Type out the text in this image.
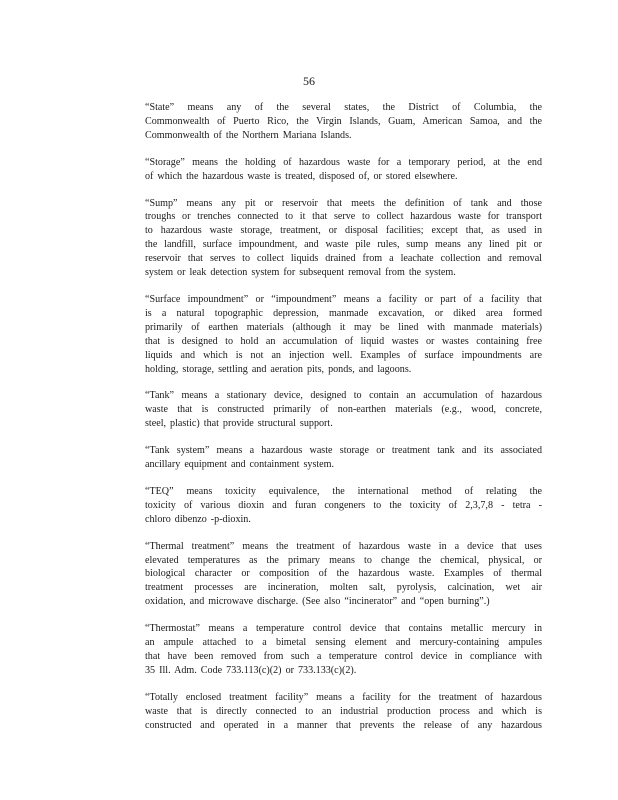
56

“State” means any of the several states, the District of Columbia, the
Commonwealth of Puerto Rico, the Virgin Islands, Guam, American Samoa, and the
Commonwealth of the Northern Mariana Islands.

“Storage” means the holding of hazardous waste for a temporary period, at the end
of which the hazardous waste is treated, disposed of, or stored elsewhere.

“Sump” means any pit or reservoir that meets the definition of tank and those
troughs or trenches connected to it that serve to collect hazardous waste for transport
to hazardous waste storage, treatment, or disposal facilities; except that, as used in
the landfill, surface impoundment, and waste pile rules, sump means any lined pit or
reservoir that serves to collect liquids drained from a leachate collection and removal
system or leak detection system for subsequent removal from the system.

“Surface impoundment” or “impoundment” means a facility or part of a facility that
is a natural topographic depression, manmade excavation, or diked area formed
primarily of earthen materials (although it may be lined with manmade materials)
that is designed to hold an accumulation of liquid wastes or wastes containing free
liquids and which is not an injection well. Examples of surface impoundments are
holding, storage, settling and aeration pits, ponds, and lagoons.

“Tank” means a stationary device, designed to contain an accumulation of hazardous
waste that is constructed primarily of non-earthen materials (e.g., wood, concrete,
steel, plastic) that provide structural support.

“Tank system” means a hazardous waste storage or treatment tank and its associated
ancillary equipment and containment system.

“TEQ” means toxicity equivalence, the international method of relating the
toxicity of various dioxin and furan congeners to the toxicity of 2,3,7,8 - tetra -
chloro dibenzo -p-dioxin.

“Thermal treatment” means the treatment of hazardous waste in a device that uses
elevated temperatures as the primary means to change the chemical, physical, or
biological character or composition of the hazardous waste. Examples of thermal
treatment processes are incineration, molten salt, pyrolysis, calcination, wet air
oxidation, and microwave discharge. (See also “incinerator” and “open burning”.)

“Thermostat” means a temperature control device that contains metallic mercury in
an ampule attached to a bimetal sensing element and mercury-containing ampules
that have been removed from such a temperature control device in compliance with
35 Ill. Adm. Code 733.113(c)(2) or 733.133(c)(2).

“Totally enclosed treatment facility” means a facility for the treatment of hazardous
waste that is directly connected to an industrial production process and which is
constructed and operated in a manner that prevents the release of any hazardous
